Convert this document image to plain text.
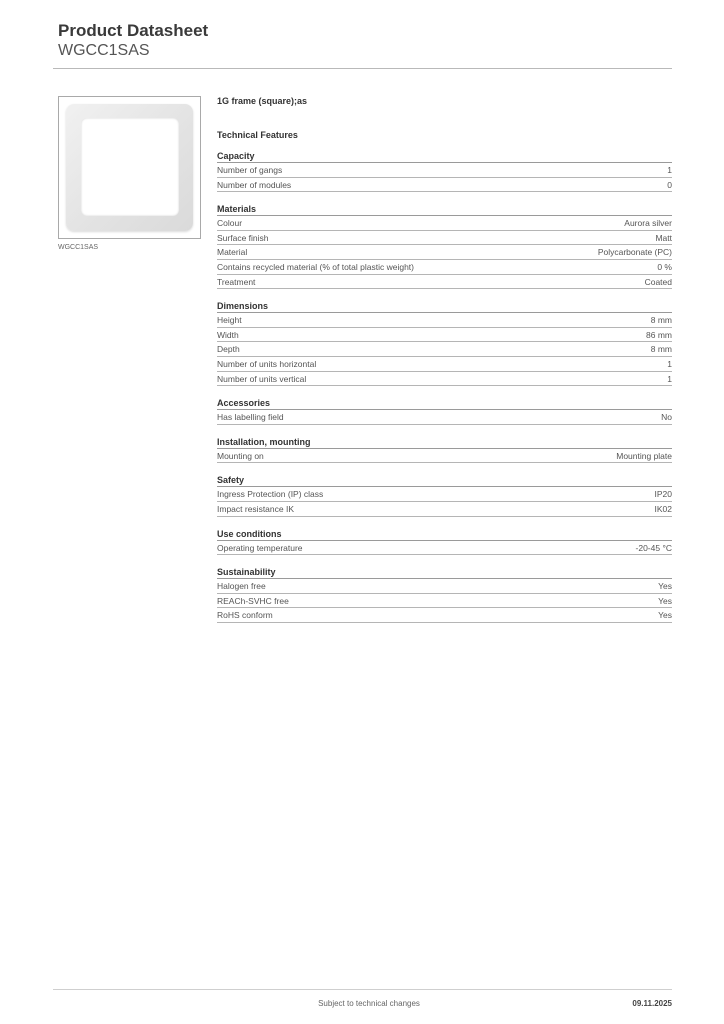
Product Datasheet
WGCC1SAS
WGCC1SAS
1G frame (square);as
Technical Features
Capacity
Number of gangs	1
Number of modules	0
Materials
Colour	Aurora silver
Surface finish	Matt
Material	Polycarbonate (PC)
Contains recycled material (% of total plastic weight)	0 %
Treatment	Coated
Dimensions
Height	8 mm
Width	86 mm
Depth	8 mm
Number of units horizontal	1
Number of units vertical	1
Accessories
Has labelling field	No
Installation, mounting
Mounting on	Mounting plate
Safety
Ingress Protection (IP) class	IP20
Impact resistance IK	IK02
Use conditions
Operating temperature	-20-45 °C
Sustainability
Halogen free	Yes
REACh-SVHC free	Yes
RoHS conform	Yes
Subject to technical changes	09.11.2025
